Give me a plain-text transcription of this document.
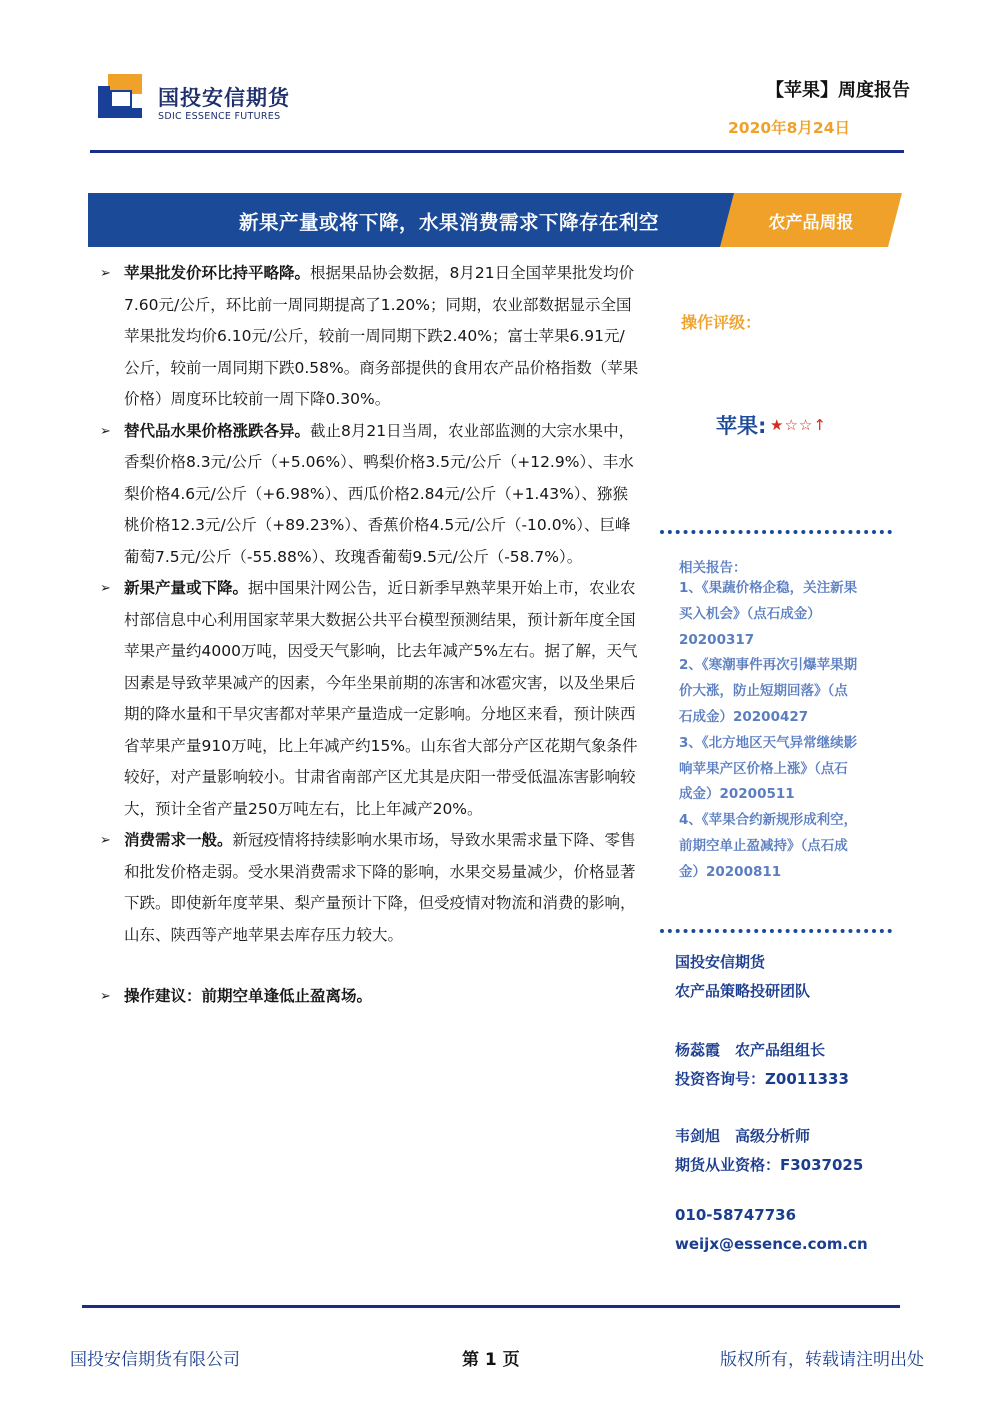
国投安信期货
SDIC ESSENCE FUTURES
【苹果】周度报告
2020年8月24日
新果产量或将下降，水果消费需求下降存在利空	农产品周报
➢ 苹果批发价环比持平略降。根据果品协会数据，8月21日全国苹果批发均价7.60元/公斤，环比前一周同期提高了1.20%；同期，农业部数据显示全国苹果批发均价6.10元/公斤，较前一周同期下跌2.40%；富士苹果6.91元/公斤，较前一周同期下跌0.58%。商务部提供的食用农产品价格指数（苹果价格）周度环比较前一周下降0.30%。
➢ 替代品水果价格涨跌各异。截止8月21日当周，农业部监测的大宗水果中，香梨价格8.3元/公斤（+5.06%）、鸭梨价格3.5元/公斤（+12.9%）、丰水梨价格4.6元/公斤（+6.98%）、西瓜价格2.84元/公斤（+1.43%）、猕猴桃价格12.3元/公斤（+89.23%）、香蕉价格4.5元/公斤（-10.0%）、巨峰葡萄7.5元/公斤（-55.88%）、玫瑰香葡萄9.5元/公斤（-58.7%）。
➢ 新果产量或下降。据中国果汁网公告，近日新季早熟苹果开始上市，农业农村部信息中心利用国家苹果大数据公共平台模型预测结果，预计新年度全国苹果产量约4000万吨，因受天气影响，比去年减产5%左右。据了解，天气因素是导致苹果减产的因素，今年坐果前期的冻害和冰雹灾害，以及坐果后期的降水量和干旱灾害都对苹果产量造成一定影响。分地区来看，预计陕西省苹果产量910万吨，比上年减产约15%。山东省大部分产区花期气象条件较好，对产量影响较小。甘肃省南部产区尤其是庆阳一带受低温冻害影响较大，预计全省产量250万吨左右，比上年减产20%。
➢ 消费需求一般。新冠疫情将持续影响水果市场，导致水果需求量下降、零售和批发价格走弱。受水果消费需求下降的影响，水果交易量减少，价格显著下跌。即使新年度苹果、梨产量预计下降，但受疫情对物流和消费的影响，山东、陕西等产地苹果去库存压力较大。
➢ 操作建议：前期空单逢低止盈离场。
操作评级：
苹果: ★☆☆↑
相关报告：
1、《果蔬价格企稳，关注新果
买入机会》（点石成金）
20200317
2、《寒潮事件再次引爆苹果期
价大涨，防止短期回落》（点
石成金）20200427
3、《北方地区天气异常继续影
响苹果产区价格上涨》（点石
成金）20200511
4、《苹果合约新规形成利空，
前期空单止盈减持》（点石成
金）20200811
国投安信期货
农产品策略投研团队
杨蕊霞　农产品组组长
投资咨询号：Z0011333
韦剑旭　高级分析师
期货从业资格：F3037025
010-58747736
weijx@essence.com.cn
国投安信期货有限公司	第 1 页	版权所有，转载请注明出处
